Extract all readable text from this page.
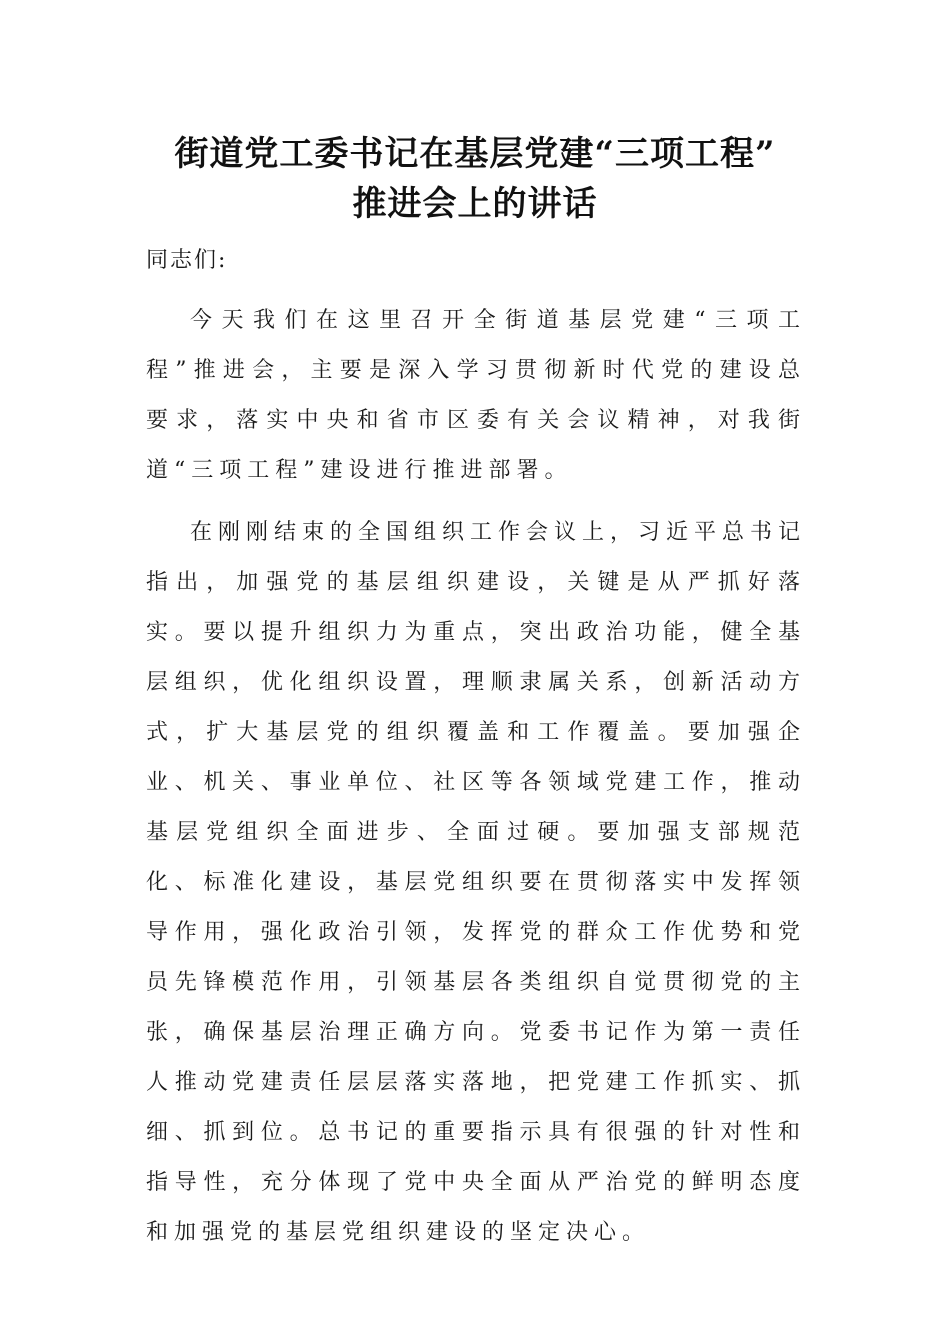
街道党工委书记在基层党建“三项工程”
推进会上的讲话

同志们:

今天我们在这里召开全街道基层党建“三项工程”推进会，主要是深入学习贯彻新时代党的建设总要求，落实中央和省市区委有关会议精神，对我街道“三项工程”建设进行推进部署。

在刚刚结束的全国组织工作会议上，习近平总书记指出，加强党的基层组织建设，关键是从严抓好落实。要以提升组织力为重点，突出政治功能，健全基层组织，优化组织设置，理顺隶属关系，创新活动方式，扩大基层党的组织覆盖和工作覆盖。要加强企业、机关、事业单位、社区等各领域党建工作，推动基层党组织全面进步、全面过硬。要加强支部规范化、标准化建设，基层党组织要在贯彻落实中发挥领导作用，强化政治引领，发挥党的群众工作优势和党员先锋模范作用，引领基层各类组织自觉贯彻党的主张，确保基层治理正确方向。党委书记作为第一责任人推动党建责任层层落实落地，把党建工作抓实、抓细、抓到位。总书记的重要指示具有很强的针对性和指导性，充分体现了党中央全面从严治党的鲜明态度和加强党的基层党组织建设的坚定决心。
